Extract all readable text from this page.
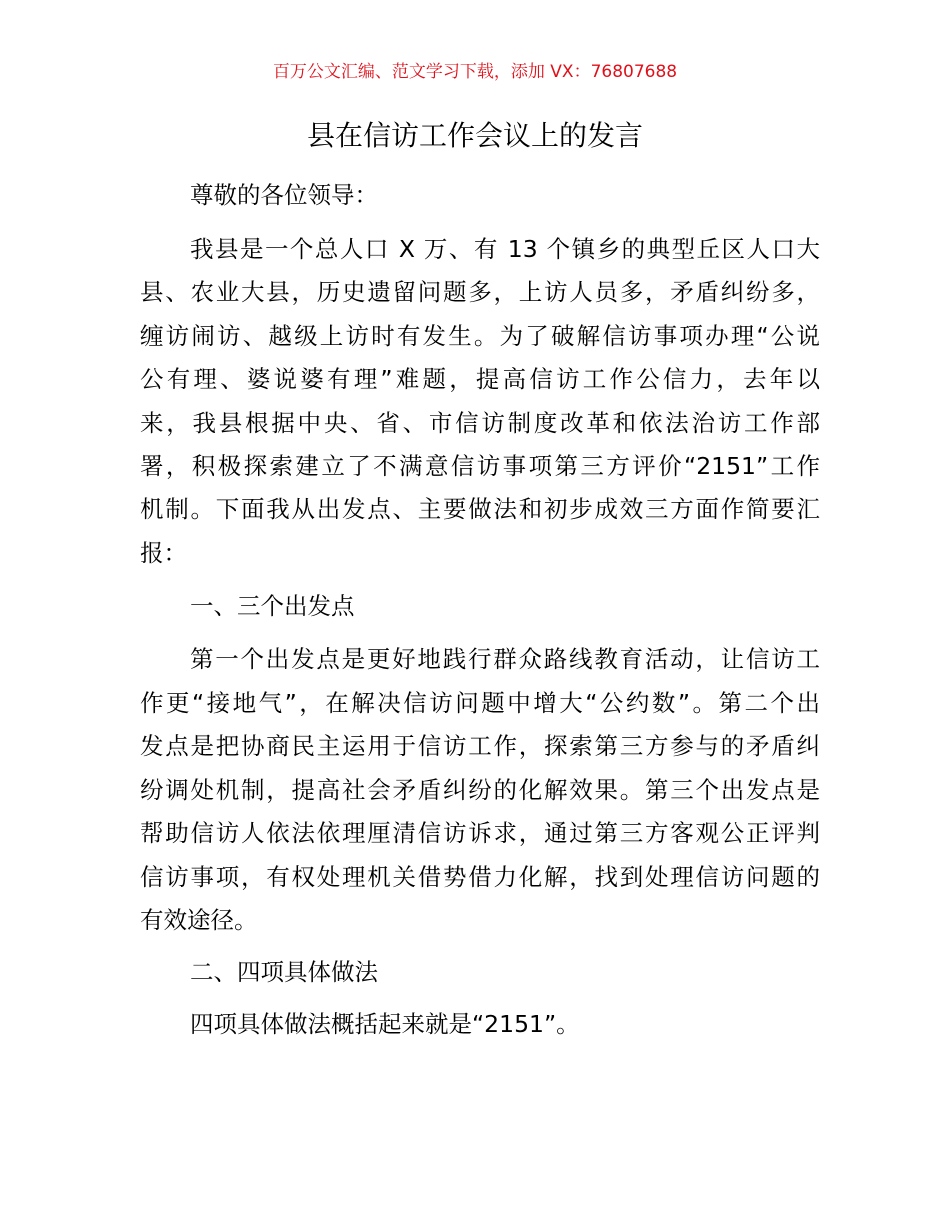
百万公文汇编、范文学习下载，添加 VX：76807688
县在信访工作会议上的发言
尊敬的各位领导：
我县是一个总人口 X 万、有 13 个镇乡的典型丘区人口大
县、农业大县，历史遗留问题多，上访人员多，矛盾纠纷多，
缠访闹访、越级上访时有发生。为了破解信访事项办理“公说
公有理、婆说婆有理”难题，提高信访工作公信力，去年以
来，我县根据中央、省、市信访制度改革和依法治访工作部
署，积极探索建立了不满意信访事项第三方评价“2151”工作
机制。下面我从出发点、主要做法和初步成效三方面作简要汇
报：
一、三个出发点
第一个出发点是更好地践行群众路线教育活动，让信访工
作更“接地气”，在解决信访问题中增大“公约数”。第二个出
发点是把协商民主运用于信访工作，探索第三方参与的矛盾纠
纷调处机制，提高社会矛盾纠纷的化解效果。第三个出发点是
帮助信访人依法依理厘清信访诉求，通过第三方客观公正评判
信访事项，有权处理机关借势借力化解，找到处理信访问题的
有效途径。
二、四项具体做法
四项具体做法概括起来就是“2151”。
